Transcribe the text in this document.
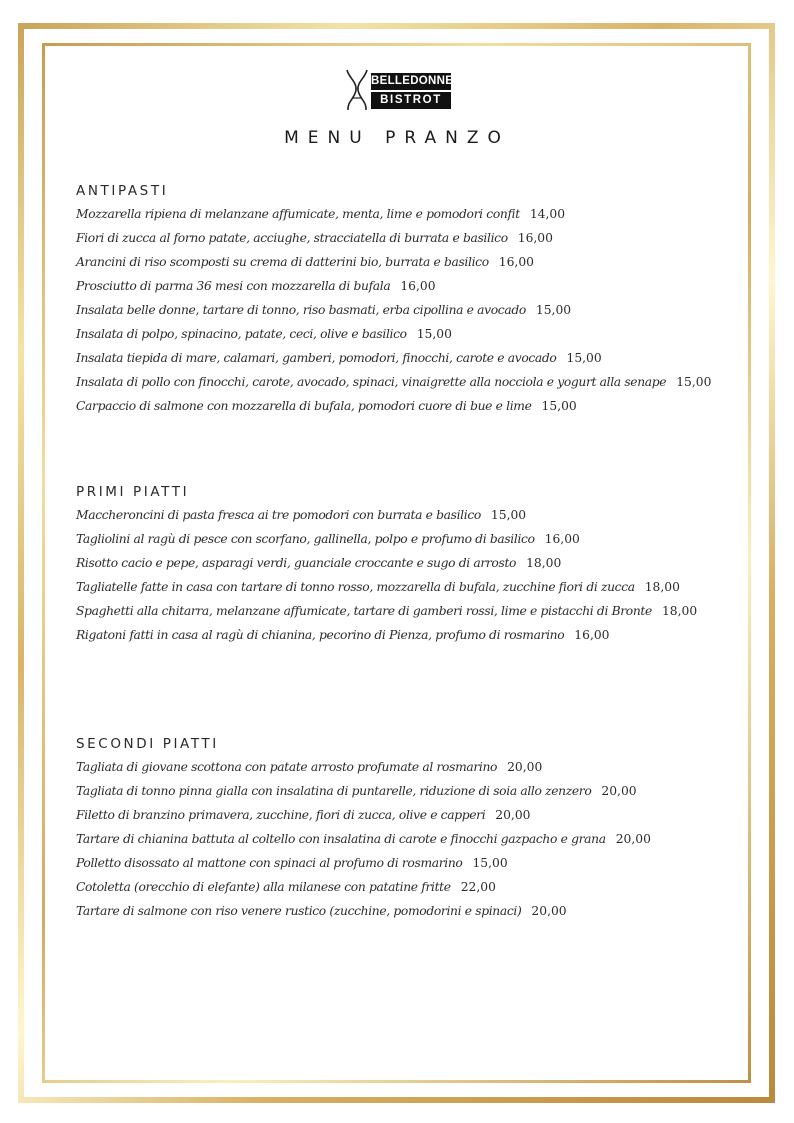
BELLEDONNE
BISTROT
MENU PRANZO
ANTIPASTI
Mozzarella ripiena di melanzane affumicate, menta, lime e pomodori confit 14,00
Fiori di zucca al forno patate, acciughe, stracciatella di burrata e basilico 16,00
Arancini di riso scomposti su crema di datterini bio, burrata e basilico 16,00
Prosciutto di parma 36 mesi con mozzarella di bufala 16,00
Insalata belle donne, tartare di tonno, riso basmati, erba cipollina e avocado 15,00
Insalata di polpo, spinacino, patate, ceci, olive e basilico 15,00
Insalata tiepida di mare, calamari, gamberi, pomodori, finocchi, carote e avocado 15,00
Insalata di pollo con finocchi, carote, avocado, spinaci, vinaigrette alla nocciola e yogurt alla senape 15,00
Carpaccio di salmone con mozzarella di bufala, pomodori cuore di bue e lime 15,00
PRIMI PIATTI
Maccheroncini di pasta fresca ai tre pomodori con burrata e basilico 15,00
Tagliolini al ragù di pesce con scorfano, gallinella, polpo e profumo di basilico 16,00
Risotto cacio e pepe, asparagi verdi, guanciale croccante e sugo di arrosto 18,00
Tagliatelle fatte in casa con tartare di tonno rosso, mozzarella di bufala, zucchine fiori di zucca 18,00
Spaghetti alla chitarra, melanzane affumicate, tartare di gamberi rossi, lime e pistacchi di Bronte 18,00
Rigatoni fatti in casa al ragù di chianina, pecorino di Pienza, profumo di rosmarino 16,00
SECONDI PIATTI
Tagliata di giovane scottona con patate arrosto profumate al rosmarino 20,00
Tagliata di tonno pinna gialla con insalatina di puntarelle, riduzione di soia allo zenzero 20,00
Filetto di branzino primavera, zucchine, fiori di zucca, olive e capperi 20,00
Tartare di chianina battuta al coltello con insalatina di carote e finocchi gazpacho e grana 20,00
Polletto disossato al mattone con spinaci al profumo di rosmarino 15,00
Cotoletta (orecchio di elefante) alla milanese con patatine fritte 22,00
Tartare di salmone con riso venere rustico (zucchine, pomodorini e spinaci) 20,00
